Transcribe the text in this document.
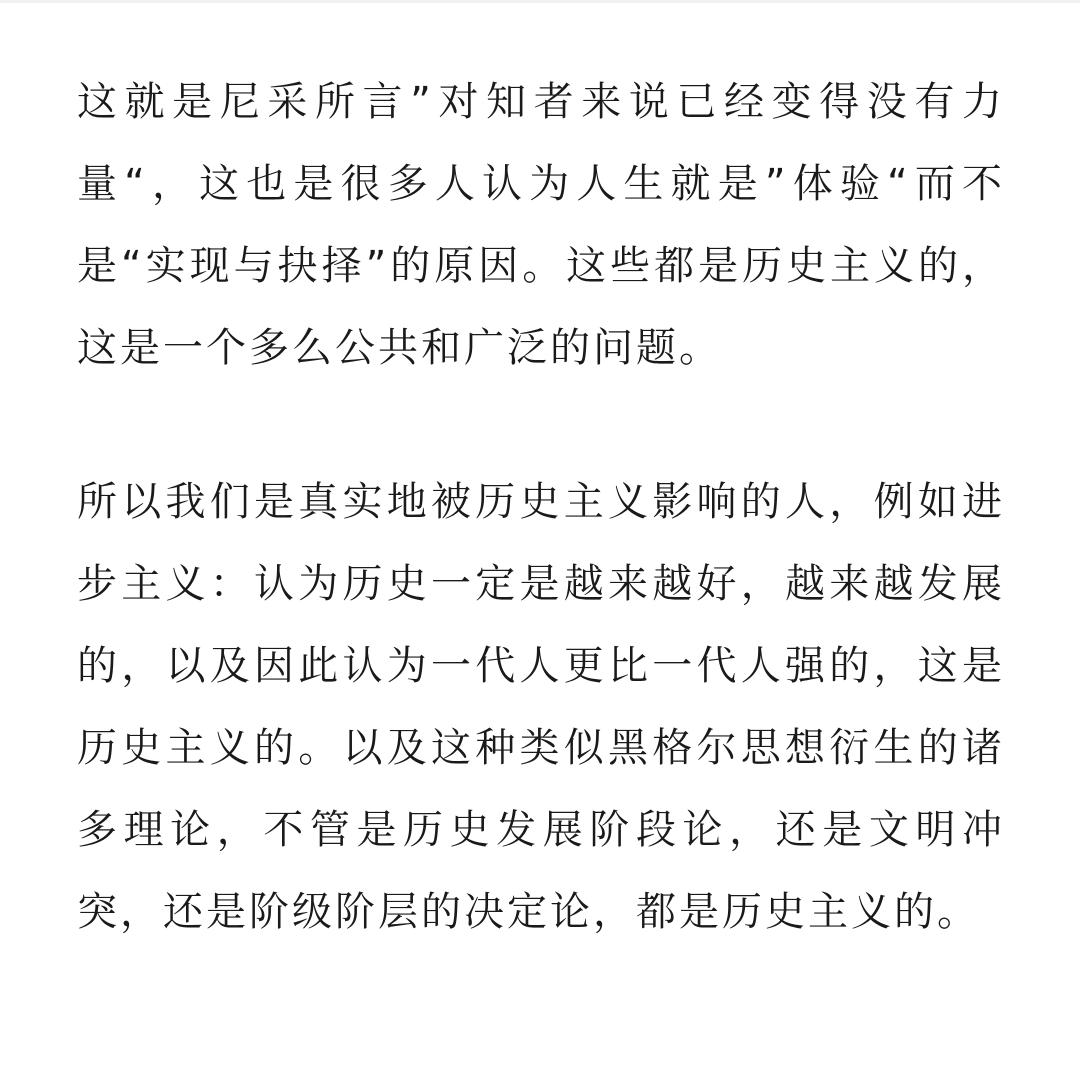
这就是尼采所言”对知者来说已经变得没有力量“，这也是很多人认为人生就是”体验“而不是“实现与抉择”的原因。这些都是历史主义的，这是一个多么公共和广泛的问题。

所以我们是真实地被历史主义影响的人，例如进步主义：认为历史一定是越来越好，越来越发展的，以及因此认为一代人更比一代人强的，这是历史主义的。以及这种类似黑格尔思想衍生的诸多理论，不管是历史发展阶段论，还是文明冲突，还是阶级阶层的决定论，都是历史主义的。
